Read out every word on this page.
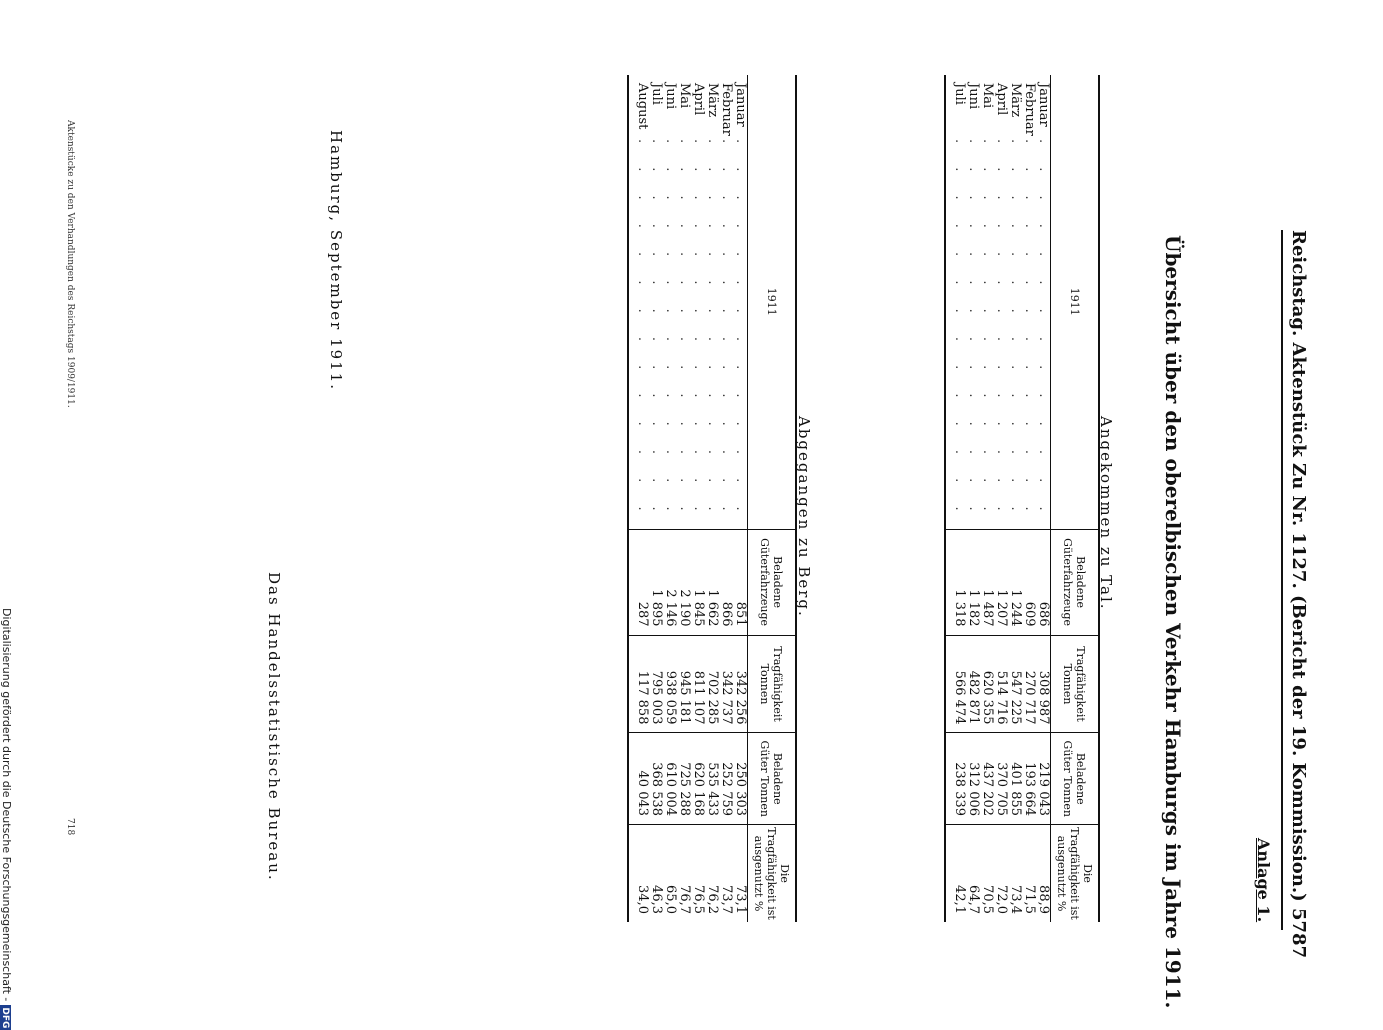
Reichstag. Aktenstück Zu Nr. 1127. (Bericht der 19. Kommission.)
5787
Anlage 1.
Übersicht über den oberelbischen Verkehr Hamburgs im Jahre 1911.
Angekommen zu Tal.
1911	Beladene Güterfahrzeuge	Tragfähigkeit Tonnen	Beladene Güter Tonnen	Die Tragfähigkeit ist ausgenutzt %
Januar. . . . . . . . . . . . . .	686	308 987	219 043	88,9
Februar. . . . . . . . . . . . . .	609	270 717	193 664	71,5
März. . . . . . . . . . . . . .	1 244	547 225	401 855	73,4
April. . . . . . . . . . . . . .	1 207	514 716	370 705	72,0
Mai. . . . . . . . . . . . . .	1 487	620 355	437 202	70,5
Juni. . . . . . . . . . . . . .	1 182	482 871	312 006	64,7
Juli. . . . . . . . . . . . . .	1 318	566 474	238 339	42,1
Abgegangen zu Berg.
1911	Beladene Güterfahrzeuge	Tragfähigkeit Tonnen	Beladene Güter Tonnen	Die Tragfähigkeit ist ausgenutzt %
Januar. . . . . . . . . . . . . .	851	342 256	250 303	73,1
Februar. . . . . . . . . . . . . .	866	342 737	252 759	73,7
März. . . . . . . . . . . . . .	1 662	702 285	535 433	76,2
April. . . . . . . . . . . . . .	1 845	811 107	620 168	76,5
Mai. . . . . . . . . . . . . .	2 190	945 181	725 288	76,7
Juni. . . . . . . . . . . . . .	2 146	938 059	610 004	65,0
Juli. . . . . . . . . . . . . .	1 895	795 003	368 538	46,3
August. . . . . . . . . . . . . .	287	117 858	40 043	34,0
Hamburg, September 1911.
Das Handelsstatistische Bureau.
Aktenstücke zu den Verhandlungen des Reichstags 1909/1911.
718
Digitalisierung gefördert durch die Deutsche Forschungsgemeinschaft -DFG
